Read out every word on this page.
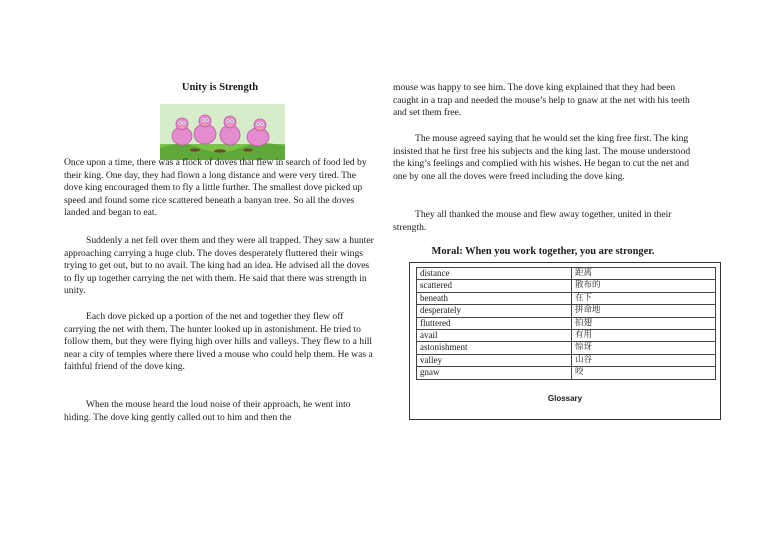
Unity is Strength

Once upon a time, there was a flock of doves that flew in search of food led by their king. One day, they had flown a long distance and were very tired. The dove king encouraged them to fly a little further. The smallest dove picked up speed and found some rice scattered beneath a banyan tree. So all the doves landed and began to eat.

Suddenly a net fell over them and they were all trapped. They saw a hunter approaching carrying a huge club. The doves desperately fluttered their wings trying to get out, but to no avail. The king had an idea. He advised all the doves to fly up together carrying the net with them. He said that there was strength in unity.

Each dove picked up a portion of the net and together they flew off carrying the net with them. The hunter looked up in astonishment. He tried to follow them, but they were flying high over hills and valleys. They flew to a hill near a city of temples where there lived a mouse who could help them. He was a faithful friend of the dove king.

When the mouse heard the loud noise of their approach, he went into hiding. The dove king gently called out to him and then the

mouse was happy to see him. The dove king explained that they had been caught in a trap and needed the mouse’s help to gnaw at the net with his teeth and set them free.

The mouse agreed saying that he would set the king free first. The king insisted that he first free his subjects and the king last. The mouse understood the king’s feelings and complied with his wishes. He began to cut the net and one by one all the doves were freed including the dove king.

They all thanked the mouse and flew away together, united in their strength.

Moral: When you work together, you are stronger.
distance	距离
scattered	散布的
beneath	在下
desperately	拼命地
fluttered	拍翅
avail	有用
astonishment	惊讶
valley	山谷
gnaw	咬
Glossary
